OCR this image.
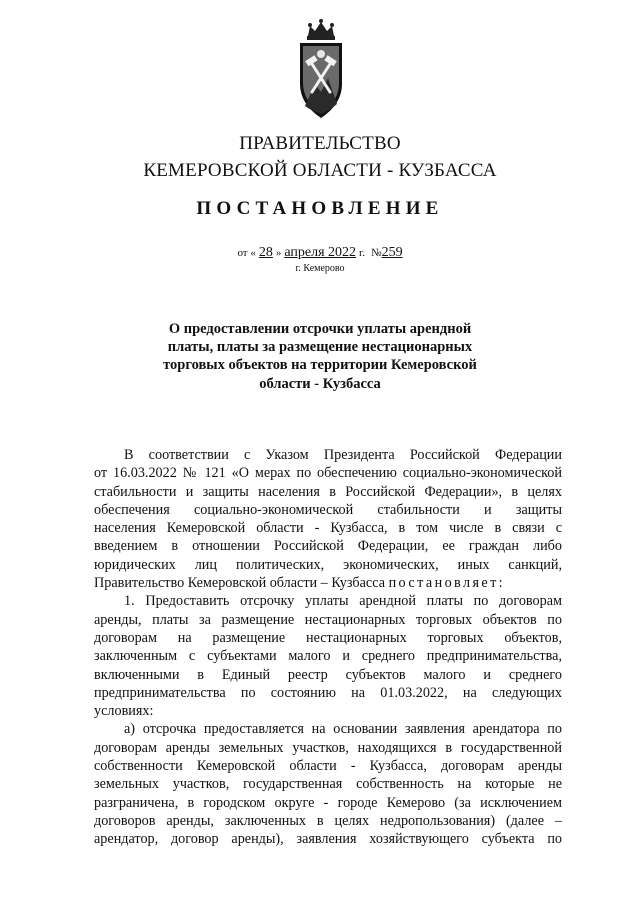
ПРАВИТЕЛЬСТВО
КЕМЕРОВСКОЙ ОБЛАСТИ - КУЗБАССА
ПОСТАНОВЛЕНИЕ
от « 28 » апреля 2022 г. №259
г. Кемерово
О предоставлении отсрочки уплаты арендной
платы, платы за размещение нестационарных
торговых объектов на территории Кемеровской
области - Кузбасса
В соответствии с Указом Президента Российской Федерации
от 16.03.2022 № 121 «О мерах по обеспечению социально-экономической
стабильности и защиты населения в Российской Федерации», в целях
обеспечения социально-экономической стабильности и защиты
населения Кемеровской области - Кузбасса, в том числе в связи с
введением в отношении Российской Федерации, ее граждан либо
юридических лиц политических, экономических, иных санкций,
Правительство Кемеровской области – Кузбасса постановляет:
1. Предоставить отсрочку уплаты арендной платы по договорам
аренды, платы за размещение нестационарных торговых объектов по
договорам на размещение нестационарных торговых объектов,
заключенным с субъектами малого и среднего предпринимательства,
включенными в Единый реестр субъектов малого и среднего
предпринимательства по состоянию на 01.03.2022, на следующих
условиях:
а) отсрочка предоставляется на основании заявления арендатора по
договорам аренды земельных участков, находящихся в государственной
собственности Кемеровской области - Кузбасса, договорам аренды
земельных участков, государственная собственность на которые не
разграничена, в городском округе - городе Кемерово (за исключением
договоров аренды, заключенных в целях недропользования) (далее –
арендатор, договор аренды), заявления хозяйствующего субъекта по
